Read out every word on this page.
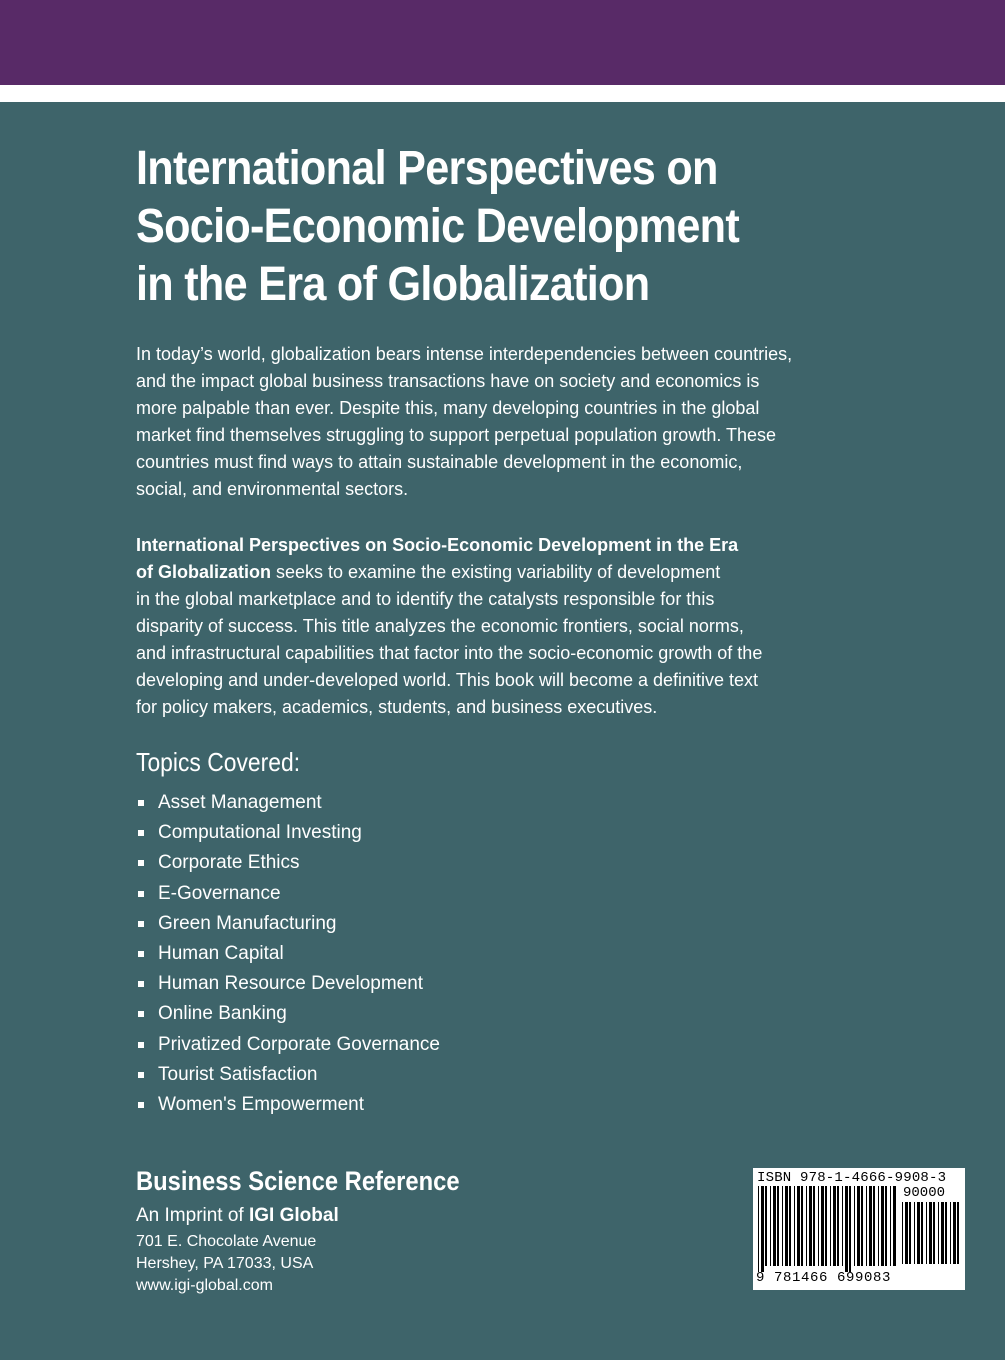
International Perspectives on
Socio-Economic Development
in the Era of Globalization

In today’s world, globalization bears intense interdependencies between countries,
and the impact global business transactions have on society and economics is
more palpable than ever. Despite this, many developing countries in the global
market find themselves struggling to support perpetual population growth. These
countries must find ways to attain sustainable development in the economic,
social, and environmental sectors.

International Perspectives on Socio-Economic Development in the Era
of Globalization seeks to examine the existing variability of development
in the global marketplace and to identify the catalysts responsible for this
disparity of success. This title analyzes the economic frontiers, social norms,
and infrastructural capabilities that factor into the socio-economic growth of the
developing and under-developed world. This book will become a definitive text
for policy makers, academics, students, and business executives.

Topics Covered:
Asset Management
Computational Investing
Corporate Ethics
E-Governance
Green Manufacturing
Human Capital
Human Resource Development
Online Banking
Privatized Corporate Governance
Tourist Satisfaction
Women's Empowerment
Business Science Reference
An Imprint of IGI Global
701 E. Chocolate Avenue
Hershey, PA 17033, USA
www.igi-global.com
ISBN 978-1-4666-9908-3
90000
9 781466 699083
